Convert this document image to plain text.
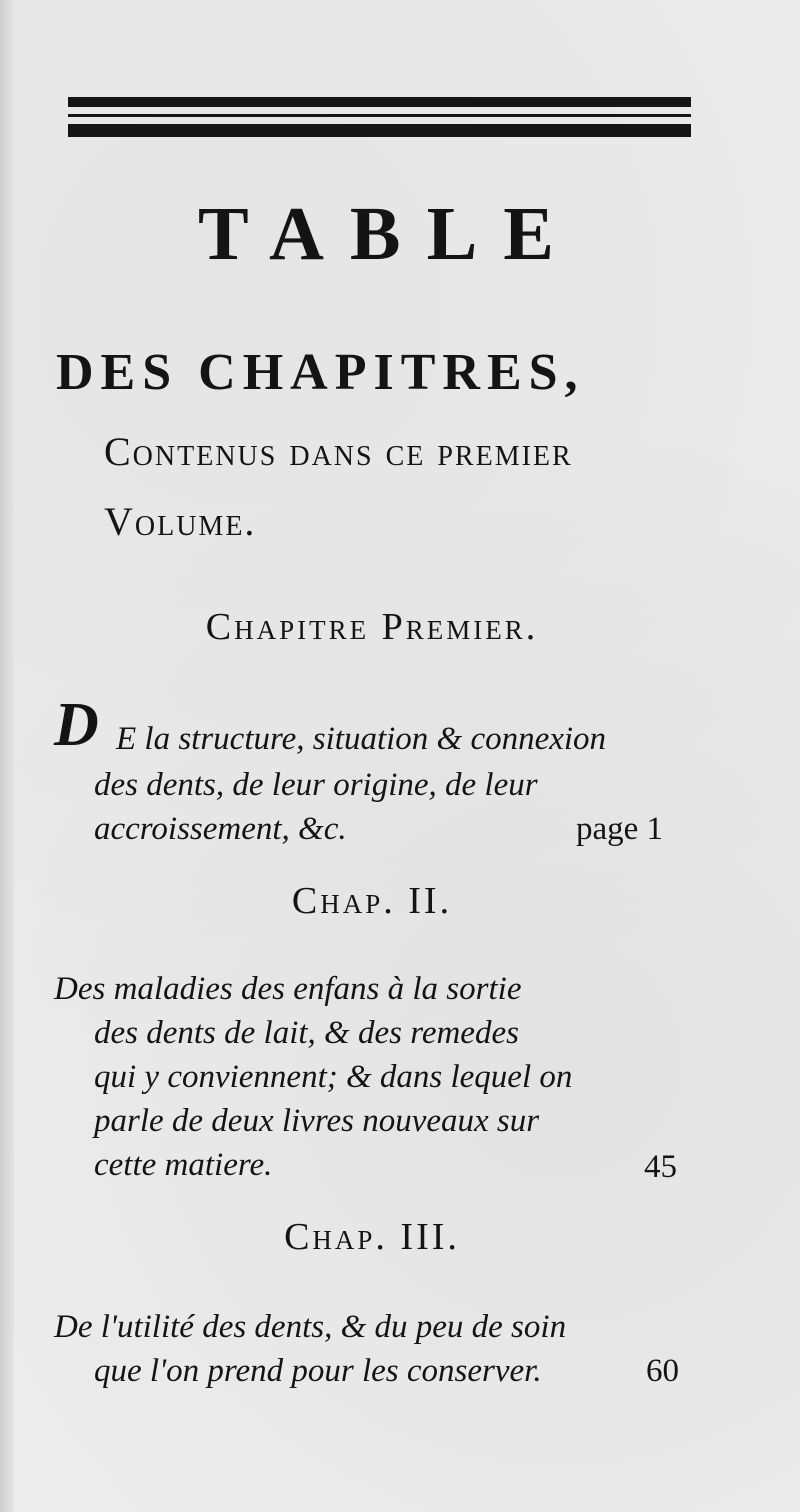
TABLE
DES CHAPITRES,
Contenus dans ce premier
Volume.
Chapitre Premier.
D E la structure, situation & connexion
des dents, de leur origine, de leur
accroissement, &c.	page 1
Chap. II.
Des maladies des enfans à la sortie
des dents de lait, & des remedes
qui y conviennent; & dans lequel on
parle de deux livres nouveaux sur
cette matiere.	45
Chap. III.
De l'utilité des dents, & du peu de soin
que l'on prend pour les conserver.	60
